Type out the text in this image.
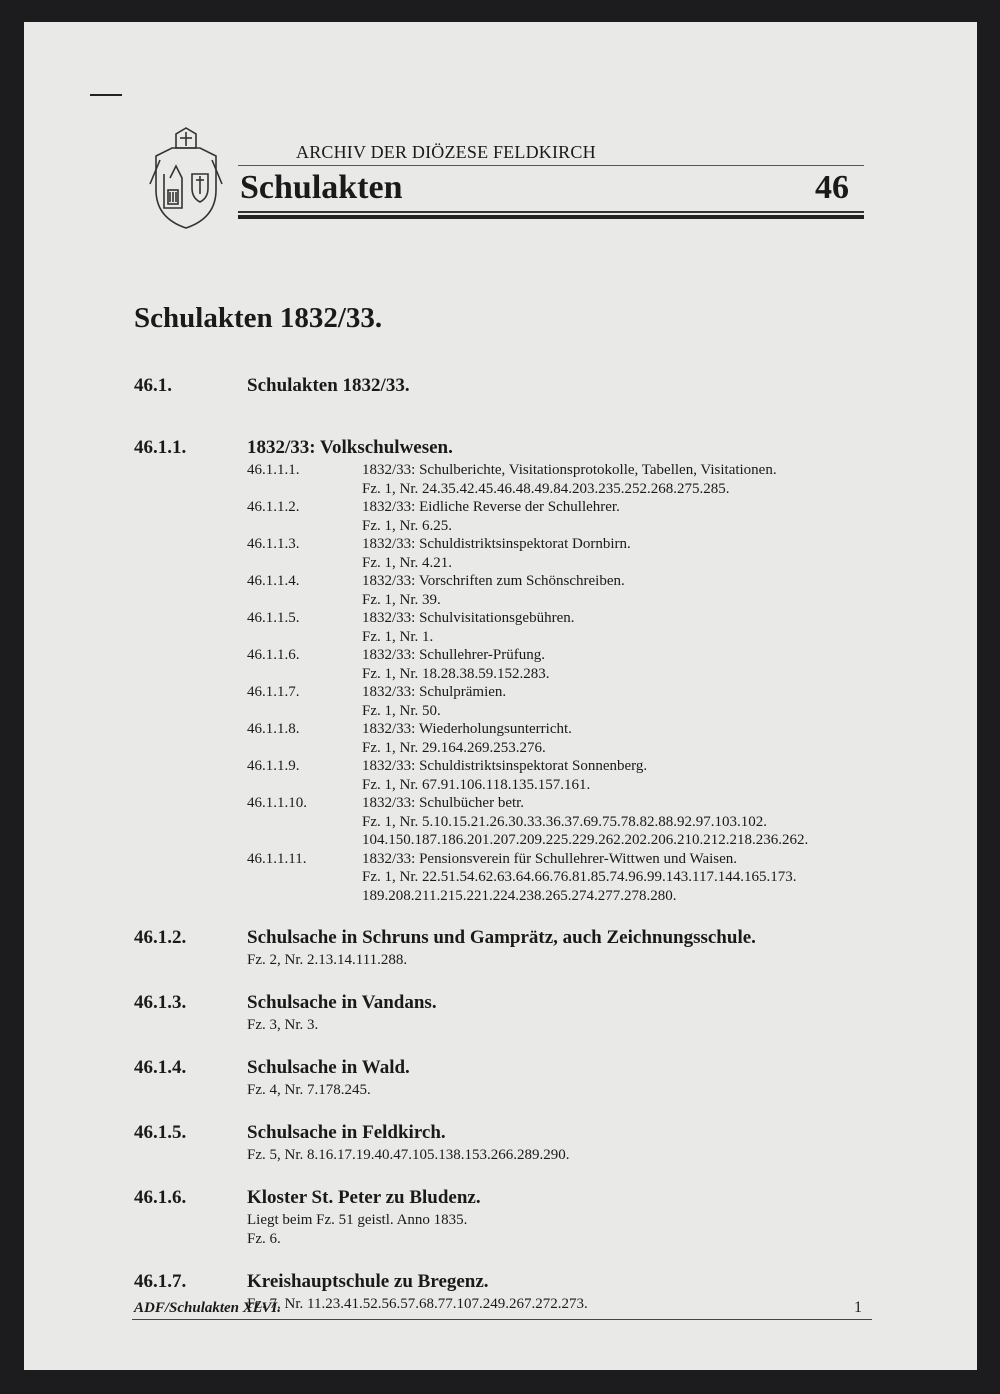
ARCHIV DER DIÖZESE FELDKIRCH
Schulakten	46
Schulakten 1832/33.
46.1.	Schulakten 1832/33.
46.1.1.	1832/33: Volkschulwesen.
46.1.1.1.	1832/33: Schulberichte, Visitationsprotokolle, Tabellen, Visitationen.
Fz. 1, Nr. 24.35.42.45.46.48.49.84.203.235.252.268.275.285.
46.1.1.2.	1832/33: Eidliche Reverse der Schullehrer.
Fz. 1, Nr. 6.25.
46.1.1.3.	1832/33: Schuldistriktsinspektorat Dornbirn.
Fz. 1, Nr. 4.21.
46.1.1.4.	1832/33: Vorschriften zum Schönschreiben.
Fz. 1, Nr. 39.
46.1.1.5.	1832/33: Schulvisitationsgebühren.
Fz. 1, Nr. 1.
46.1.1.6.	1832/33: Schullehrer-Prüfung.
Fz. 1, Nr. 18.28.38.59.152.283.
46.1.1.7.	1832/33: Schulprämien.
Fz. 1, Nr. 50.
46.1.1.8.	1832/33: Wiederholungsunterricht.
Fz. 1, Nr. 29.164.269.253.276.
46.1.1.9.	1832/33: Schuldistriktsinspektorat Sonnenberg.
Fz. 1, Nr. 67.91.106.118.135.157.161.
46.1.1.10.	1832/33: Schulbücher betr.
Fz. 1, Nr. 5.10.15.21.26.30.33.36.37.69.75.78.82.88.92.97.103.102.
104.150.187.186.201.207.209.225.229.262.202.206.210.212.218.236.262.
46.1.1.11.	1832/33: Pensionsverein für Schullehrer-Wittwen und Waisen.
Fz. 1, Nr. 22.51.54.62.63.64.66.76.81.85.74.96.99.143.117.144.165.173.
189.208.211.215.221.224.238.265.274.277.278.280.
46.1.2.	Schulsache in Schruns und Gamprätz, auch Zeichnungsschule.
Fz. 2, Nr. 2.13.14.111.288.
46.1.3.	Schulsache in Vandans.
Fz. 3, Nr. 3.
46.1.4.	Schulsache in Wald.
Fz. 4, Nr. 7.178.245.
46.1.5.	Schulsache in Feldkirch.
Fz. 5, Nr. 8.16.17.19.40.47.105.138.153.266.289.290.
46.1.6.	Kloster St. Peter zu Bludenz.
Liegt beim Fz. 51 geistl. Anno 1835.
Fz. 6.
46.1.7.	Kreishauptschule zu Bregenz.
Fz. 7, Nr. 11.23.41.52.56.57.68.77.107.249.267.272.273.
ADF/Schulakten XLVI.	1
